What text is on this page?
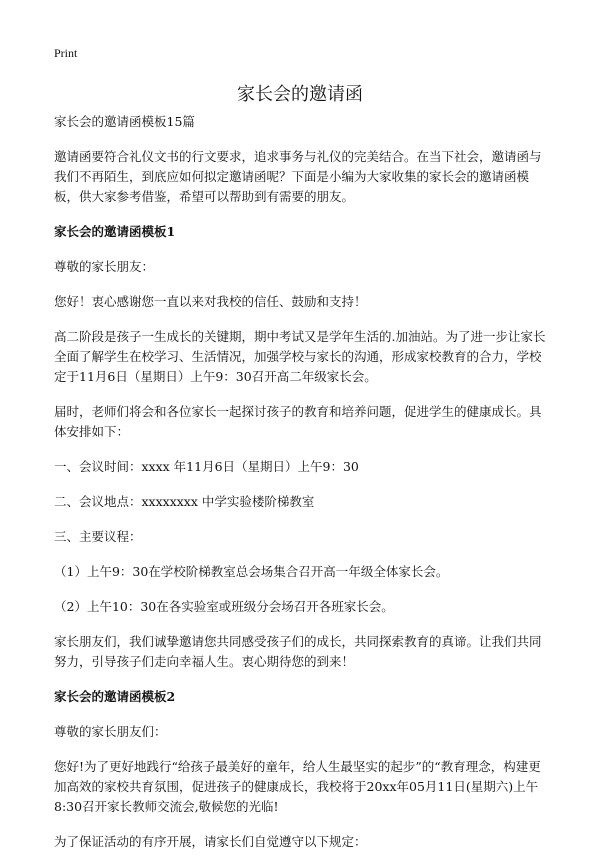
Print
家长会的邀请函

家长会的邀请函模板15篇

邀请函要符合礼仪文书的行文要求，追求事务与礼仪的完美结合。在当下社会，邀请函与我们不再陌生，到底应如何拟定邀请函呢？下面是小编为大家收集的家长会的邀请函模板，供大家参考借鉴，希望可以帮助到有需要的朋友。

家长会的邀请函模板1

尊敬的家长朋友：

您好！衷心感谢您一直以来对我校的信任、鼓励和支持！

高二阶段是孩子一生成长的关键期，期中考试又是学年生活的.加油站。为了进一步让家长全面了解学生在校学习、生活情况，加强学校与家长的沟通，形成家校教育的合力，学校定于11月6日（星期日）上午9：30召开高二年级家长会。

届时，老师们将会和各位家长一起探讨孩子的教育和培养问题，促进学生的健康成长。具体安排如下：

一、会议时间：xxxx 年11月6日（星期日）上午9：30

二、会议地点：xxxxxxxx 中学实验楼阶梯教室

三、主要议程：

（1）上午9：30在学校阶梯教室总会场集合召开高一年级全体家长会。

（2）上午10：30在各实验室或班级分会场召开各班家长会。

家长朋友们，我们诚挚邀请您共同感受孩子们的成长，共同探索教育的真谛。让我们共同努力，引导孩子们走向幸福人生。衷心期待您的到来！

家长会的邀请函模板2

尊敬的家长朋友们：

您好!为了更好地践行“给孩子最美好的童年，给人生最坚实的起步”的“教育理念，构建更加高效的家校共育氛围，促进孩子的健康成长，我校将于20xx年05月11日(星期六)上午8:30召开家长教师交流会,敬候您的光临!

为了保证活动的有序开展，请家长们自觉遵守以下规定：
